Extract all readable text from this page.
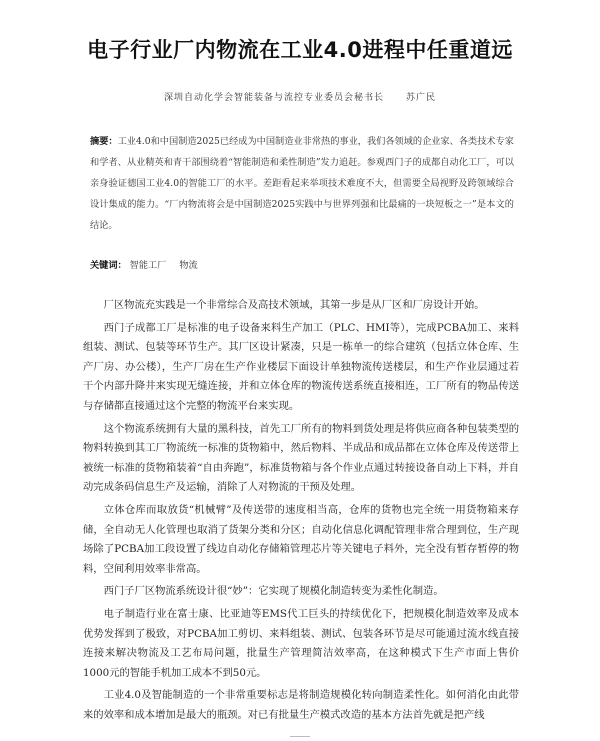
电子行业厂内物流在工业4.0进程中任重道远
深圳自动化学会智能装备与流控专业委员会秘书长 苏广民
摘要：工业4.0和中国制造2025已经成为中国制造业非常热的事业，我们各领域的企业家、各类技术专家和学者、从业精英和青干部围绕着“智能制造和柔性制造”发力追赶。参观西门子的成都自动化工厂，可以亲身验证德国工业4.0的智能工厂的水平。差距看起来举项技术难度不大，但需要全局视野及跨领域综合设计集成的能力。“厂内物流将会是中国制造2025实践中与世界列强和比最痛的一块短板之一”是本文的结论。
关键词： 智能工厂 物流

厂区物流充实践是一个非常综合及高技术领域，其第一步是从厂区和厂房设计开始。

西门子成都工厂是标准的电子设备来料生产加工（PLC、HMI等），完成PCBA加工、来料组装、测试、包装等环节生产。其厂区设计紧凑，只是一栋单一的综合建筑（包括立体仓库、生产厂房、办公楼），生产厂房在生产作业楼层下面设计单独物流传送楼层，和生产作业层通过若干个内部升降井来实现无缝连接，并和立体仓库的物流传送系统直接相连，工厂所有的物品传送与存储都直接通过这个完整的物流平台来实现。

这个物流系统拥有大量的黑科技，首先工厂所有的物料到货处理是将供应商各种包装类型的物料转换到其工厂物流统一标准的货物箱中，然后物料、半成品和成品都在立体仓库及传送带上被统一标准的货物箱装着“自由奔跑”，标准货物箱与各个作业点通过转接设备自动上下料，并自动完成条码信息生产及运输，消除了人对物流的干预及处理。

立体仓库而取放货“机械臂”及传送带的速度相当高，仓库的货物也完全统一用货物箱来存储，全自动无人化管理也取消了货架分类和分区；自动化信息化调配管理非常合理到位，生产现场除了PCBA加工段设置了线边自动化存储箱管理芯片等关键电子料外，完全没有暂存暂停的物料，空间利用效率非常高。

西门子厂区物流系统设计很“妙”：它实现了规模化制造转变为柔性化制造。

电子制造行业在富士康、比亚迪等EMS代工巨头的持续优化下，把规模化制造效率及成本优势发挥到了极致，对PCBA加工剪切、来料组装、测试、包装各环节是尽可能通过流水线直接连接来解决物流及工艺布局问题，批量生产管理简洁效率高，在这种模式下生产市面上售价1000元的智能手机加工成本不到50元。

工业4.0及智能制造的一个非常重要标志是将制造规模化转向制造柔性化。如何消化由此带来的效率和成本增加是最大的瓶颈。对已有批量生产模式改造的基本方法首先就是把产线
